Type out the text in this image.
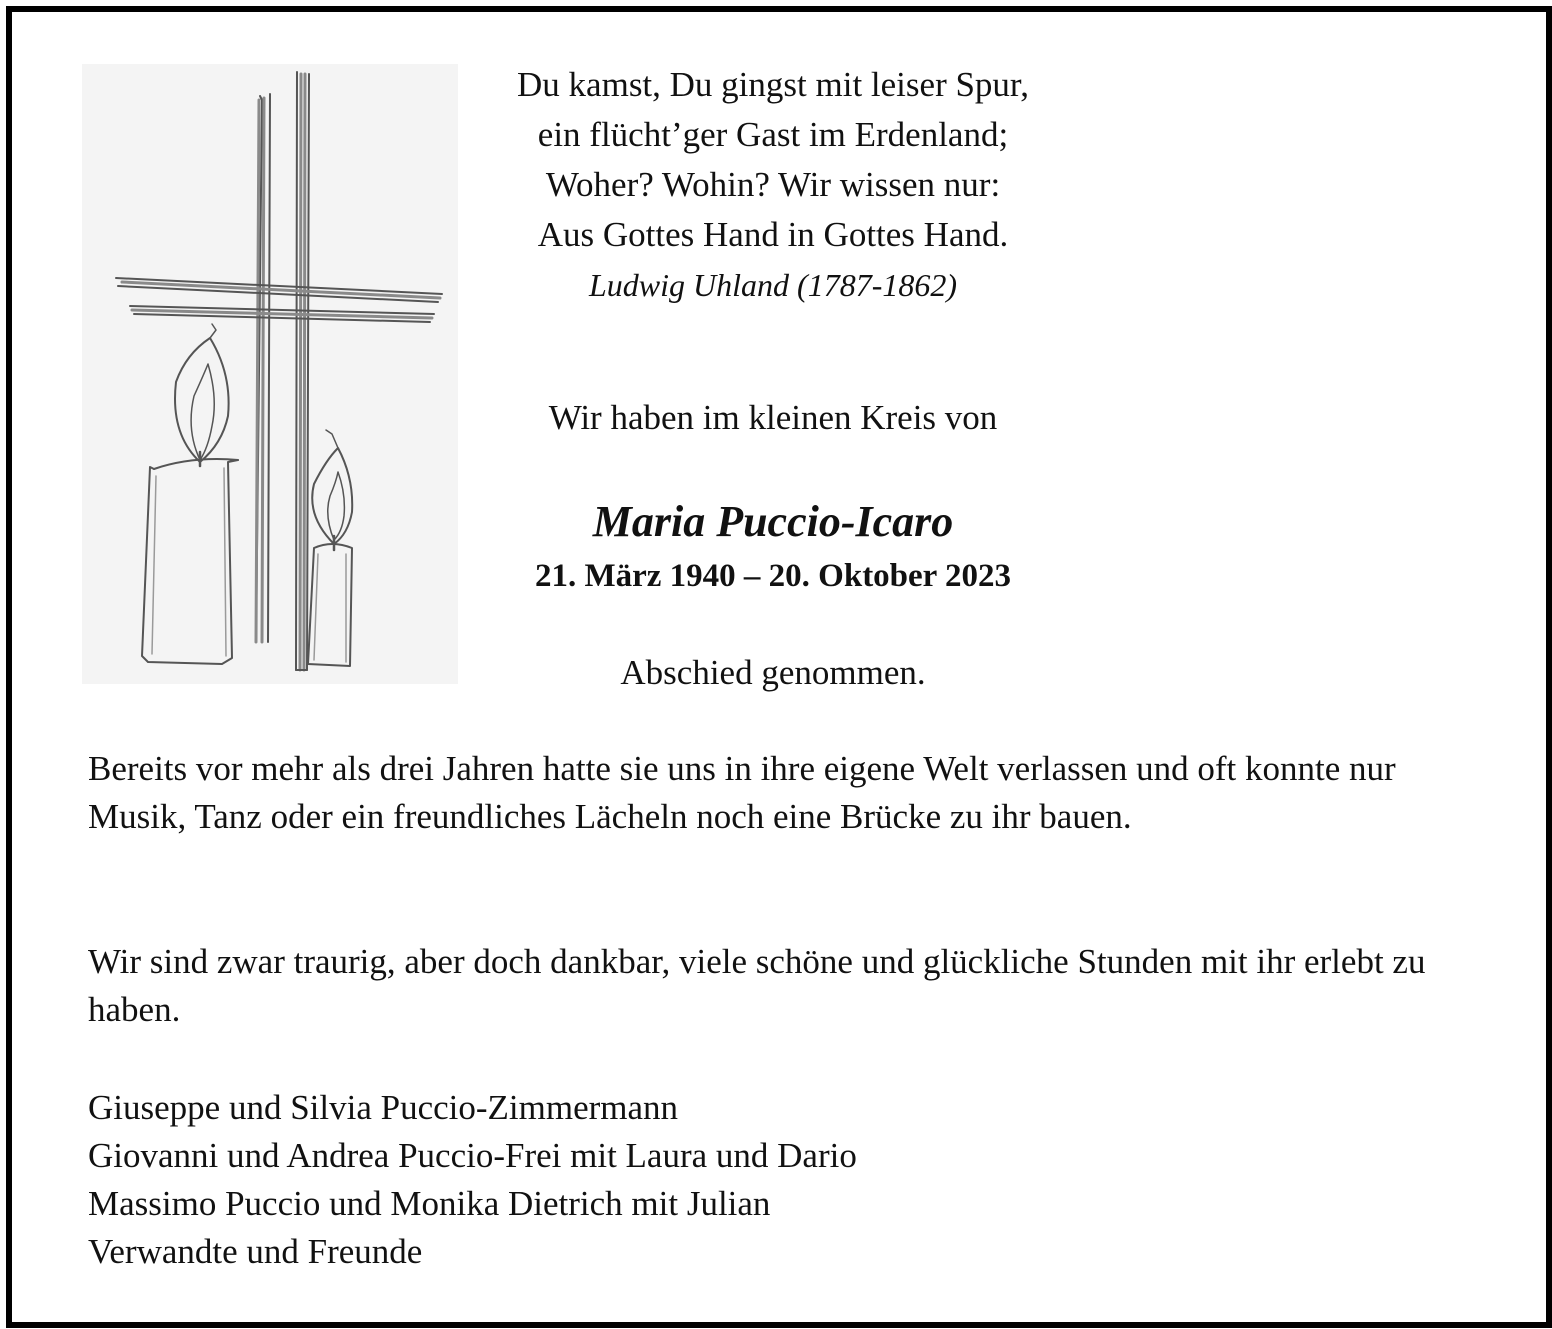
Du kamst, Du gingst mit leiser Spur,
ein flücht’ger Gast im Erdenland;
Woher? Wohin? Wir wissen nur:
Aus Gottes Hand in Gottes Hand.
Ludwig Uhland (1787-1862)
Wir haben im kleinen Kreis von
Maria Puccio-Icaro
21. März 1940 – 20. Oktober 2023
Abschied genommen.
Bereits vor mehr als drei Jahren hatte sie uns in ihre eigene Welt verlassen und oft konnte nur Musik, Tanz oder ein freundliches Lächeln noch eine Brücke zu ihr bauen.
Wir sind zwar traurig, aber doch dankbar, viele schöne und glückliche Stunden mit ihr erlebt zu haben.
Giuseppe und Silvia Puccio-Zimmermann
Giovanni und Andrea Puccio-Frei mit Laura und Dario
Massimo Puccio und Monika Dietrich mit Julian
Verwandte und Freunde
